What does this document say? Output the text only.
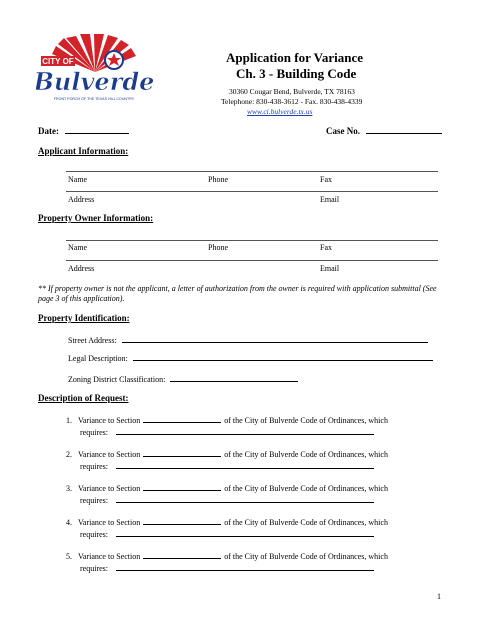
CITY OF
Bulverde
FRONT PORCH OF THE TEXAS HILL COUNTRY
Application for Variance
Ch. 3 - Building Code
30360 Cougar Bend, Bulverde, TX 78163
Telephone: 830-438-3612 - Fax. 830-438-4339
www.ci.bulverde.tx.us
Date:	Case No.
Applicant Information:
Name	Phone	Fax
Address	Email
Property Owner Information:
Name	Phone	Fax
Address	Email
** If property owner is not the applicant, a letter of authorization from the owner is required with application submittal (See page 3 of this application).
Property Identification:
Street Address:
Legal Description:
Zoning District Classification:
Description of Request:
1. Variance to Section	of the City of Bulverde Code of Ordinances, which
requires:
2. Variance to Section	of the City of Bulverde Code of Ordinances, which
requires:
3. Variance to Section	of the City of Bulverde Code of Ordinances, which
requires:
4. Variance to Section	of the City of Bulverde Code of Ordinances, which
requires:
5. Variance to Section	of the City of Bulverde Code of Ordinances, which
requires:
1
